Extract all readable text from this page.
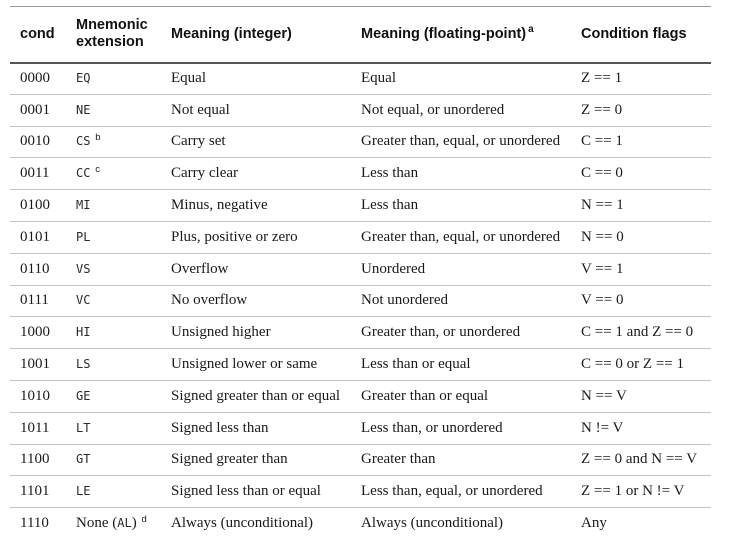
cond	Mnemonic extension	Meaning (integer)	Meaning (floating-point) $^a$	Condition flags
0000	EQ	Equal	Equal	Z == 1
0001	NE	Not equal	Not equal, or unordered	Z == 0
0010	CS $^b$	Carry set	Greater than, equal, or unordered	C == 1
0011	CC $^c$	Carry clear	Less than	C == 0
0100	MI	Minus, negative	Less than	N == 1
0101	PL	Plus, positive or zero	Greater than, equal, or unordered	N == 0
0110	VS	Overflow	Unordered	V == 1
0111	VC	No overflow	Not unordered	V == 0
1000	HI	Unsigned higher	Greater than, or unordered	C == 1 and Z == 0
1001	LS	Unsigned lower or same	Less than or equal	C == 0 or Z == 1
1010	GE	Signed greater than or equal	Greater than or equal	N == V
1011	LT	Signed less than	Less than, or unordered	N != V
1100	GT	Signed greater than	Greater than	Z == 0 and N == V
1101	LE	Signed less than or equal	Less than, equal, or unordered	Z == 1 or N != V
1110	None (AL) $^d$	Always (unconditional)	Always (unconditional)	Any
